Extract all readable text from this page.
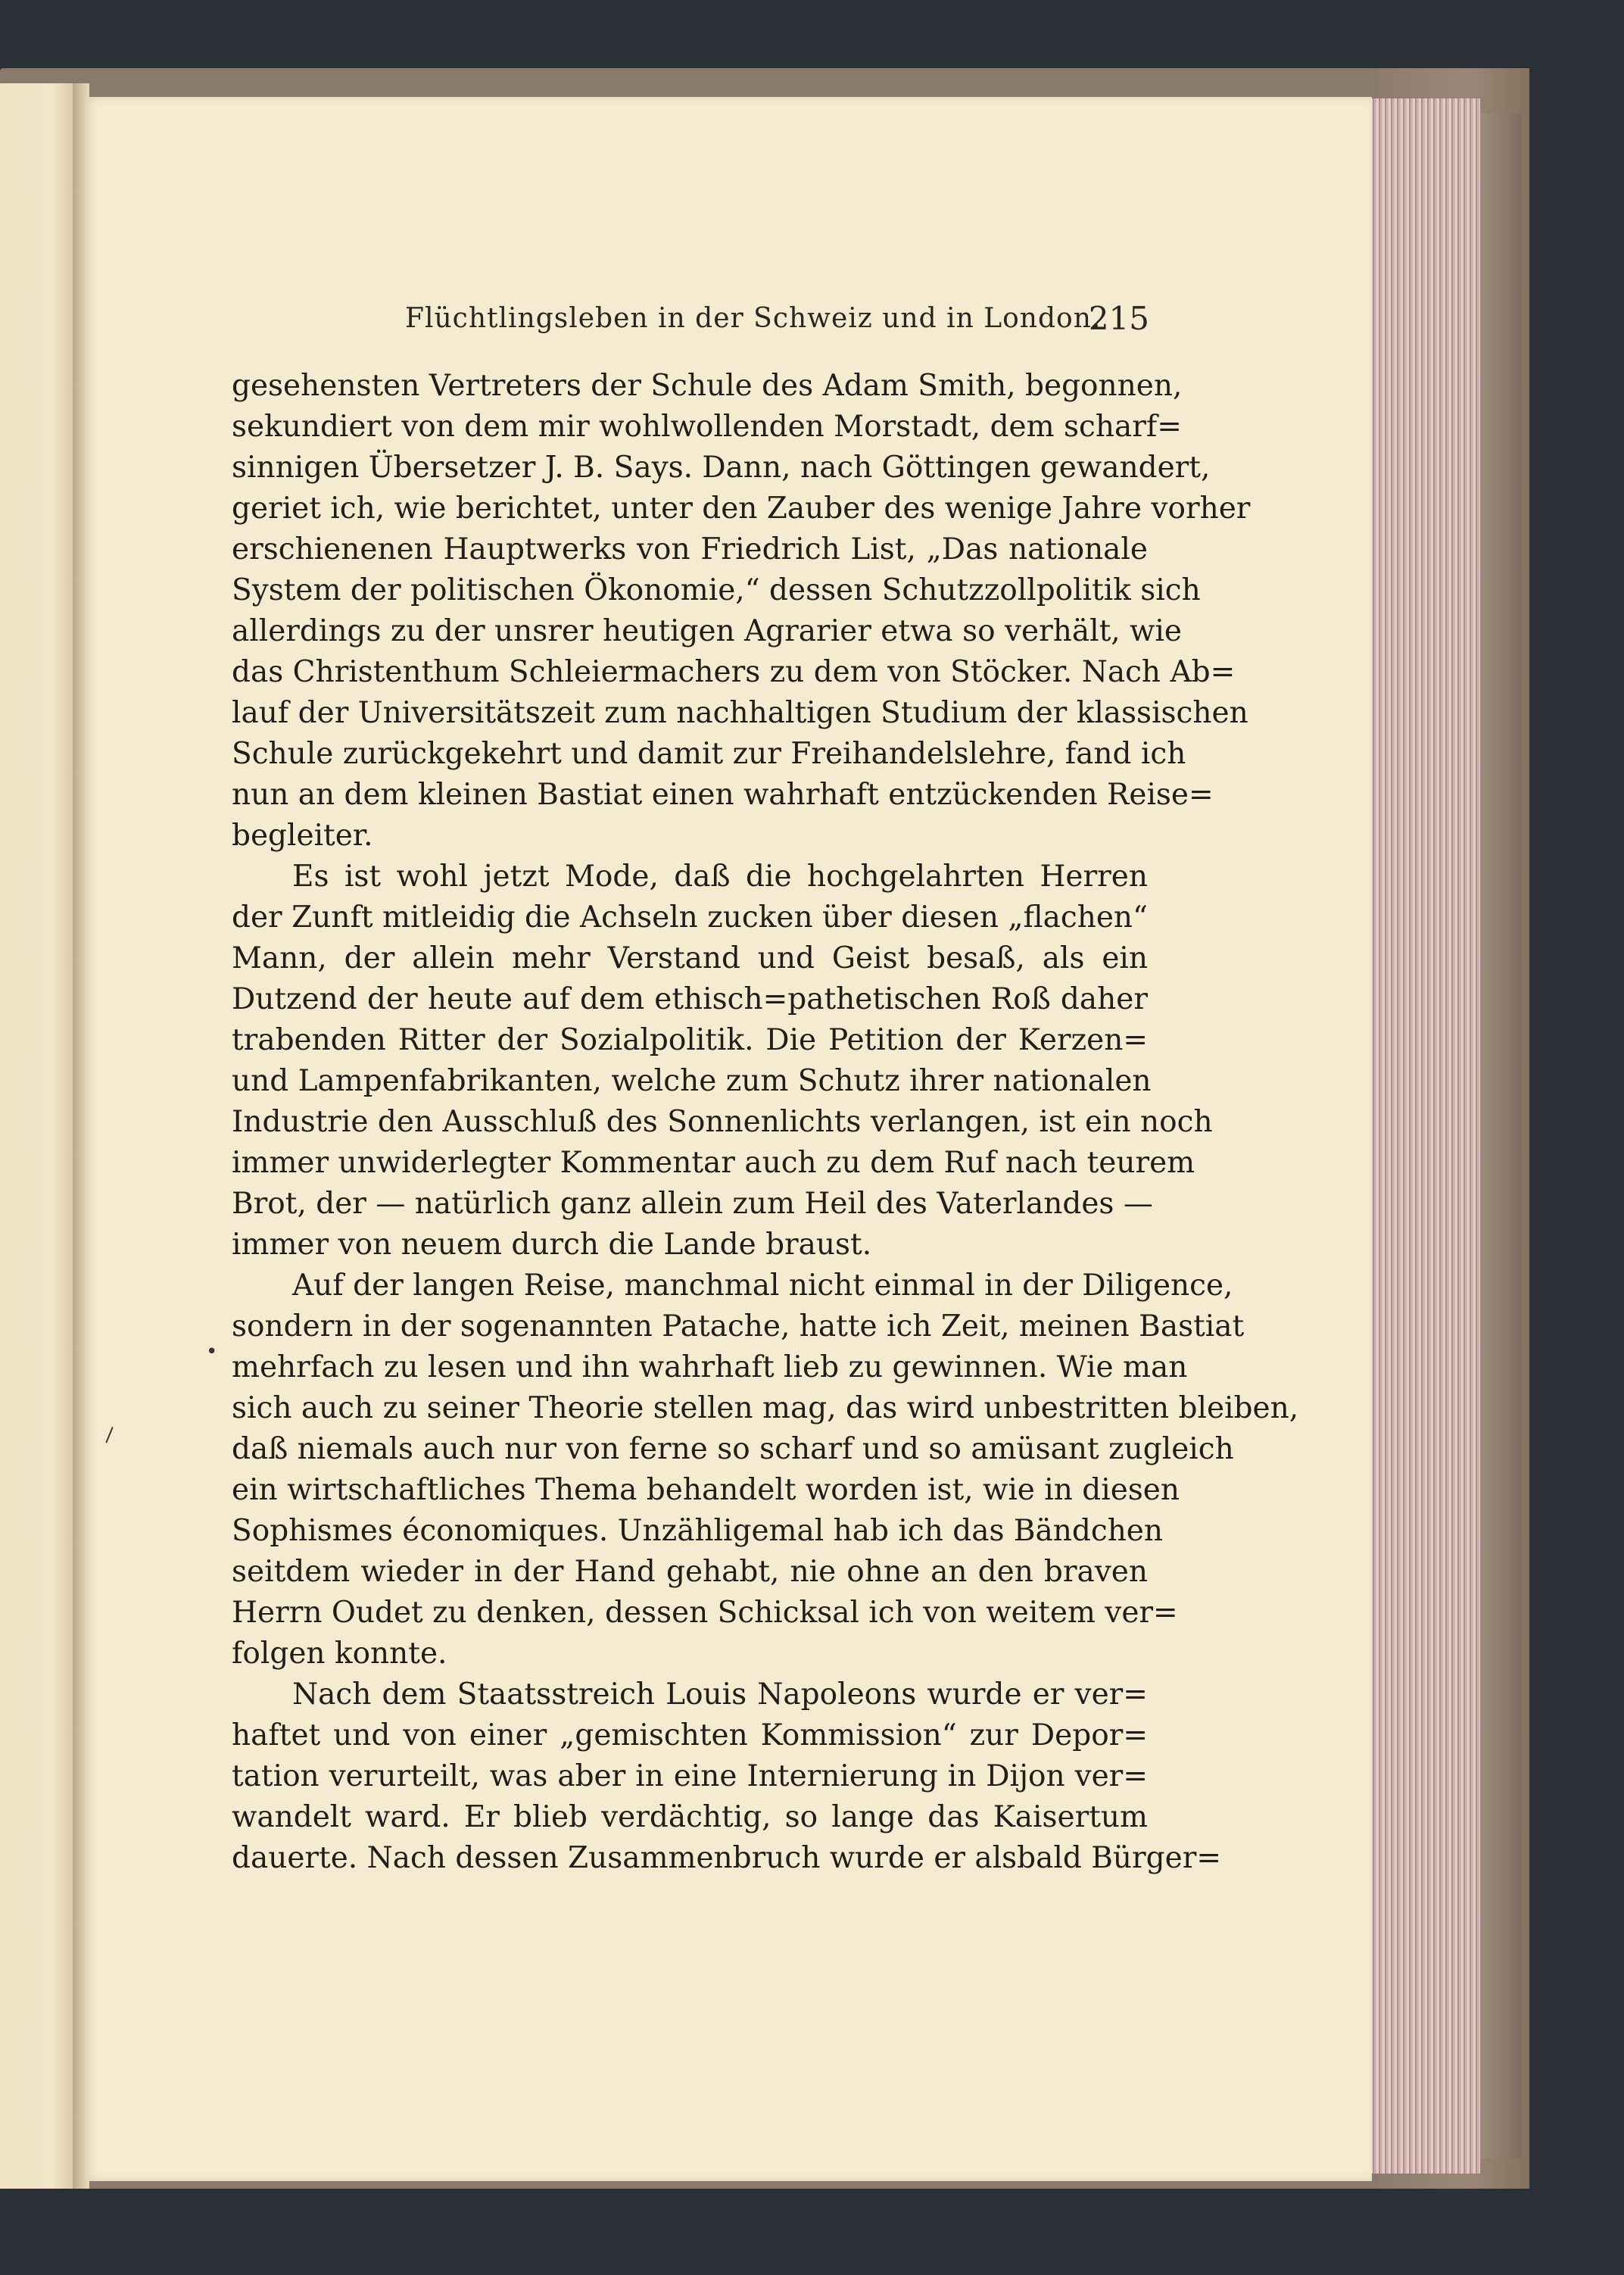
Flüchtlingsleben in der Schweiz und in London.
215
gesehensten Vertreters der Schule des Adam Smith, begonnen,
sekundiert von dem mir wohlwollenden Morstadt, dem scharf=
sinnigen Übersetzer J. B. Says. Dann, nach Göttingen gewandert,
geriet ich, wie berichtet, unter den Zauber des wenige Jahre vorher
erschienenen Hauptwerks von Friedrich List, „Das nationale
System der politischen Ökonomie,“ dessen Schutzzollpolitik sich
allerdings zu der unsrer heutigen Agrarier etwa so verhält, wie
das Christenthum Schleiermachers zu dem von Stöcker. Nach Ab=
lauf der Universitätszeit zum nachhaltigen Studium der klassischen
Schule zurückgekehrt und damit zur Freihandelslehre, fand ich
nun an dem kleinen Bastiat einen wahrhaft entzückenden Reise=
begleiter.
Es ist wohl jetzt Mode, daß die hochgelahrten Herren
der Zunft mitleidig die Achseln zucken über diesen „flachen“
Mann, der allein mehr Verstand und Geist besaß, als ein
Dutzend der heute auf dem ethisch=pathetischen Roß daher
trabenden Ritter der Sozialpolitik. Die Petition der Kerzen=
und Lampenfabrikanten, welche zum Schutz ihrer nationalen
Industrie den Ausschluß des Sonnenlichts verlangen, ist ein noch
immer unwiderlegter Kommentar auch zu dem Ruf nach teurem
Brot, der — natürlich ganz allein zum Heil des Vaterlandes —
immer von neuem durch die Lande braust.
Auf der langen Reise, manchmal nicht einmal in der Diligence,
sondern in der sogenannten Patache, hatte ich Zeit, meinen Bastiat
mehrfach zu lesen und ihn wahrhaft lieb zu gewinnen. Wie man
sich auch zu seiner Theorie stellen mag, das wird unbestritten bleiben,
daß niemals auch nur von ferne so scharf und so amüsant zugleich
ein wirtschaftliches Thema behandelt worden ist, wie in diesen
Sophismes économiques. Unzähligemal hab ich das Bändchen
seitdem wieder in der Hand gehabt, nie ohne an den braven
Herrn Oudet zu denken, dessen Schicksal ich von weitem ver=
folgen konnte.
Nach dem Staatsstreich Louis Napoleons wurde er ver=
haftet und von einer „gemischten Kommission“ zur Depor=
tation verurteilt, was aber in eine Internierung in Dijon ver=
wandelt ward. Er blieb verdächtig, so lange das Kaisertum
dauerte. Nach dessen Zusammenbruch wurde er alsbald Bürger=
•
\
